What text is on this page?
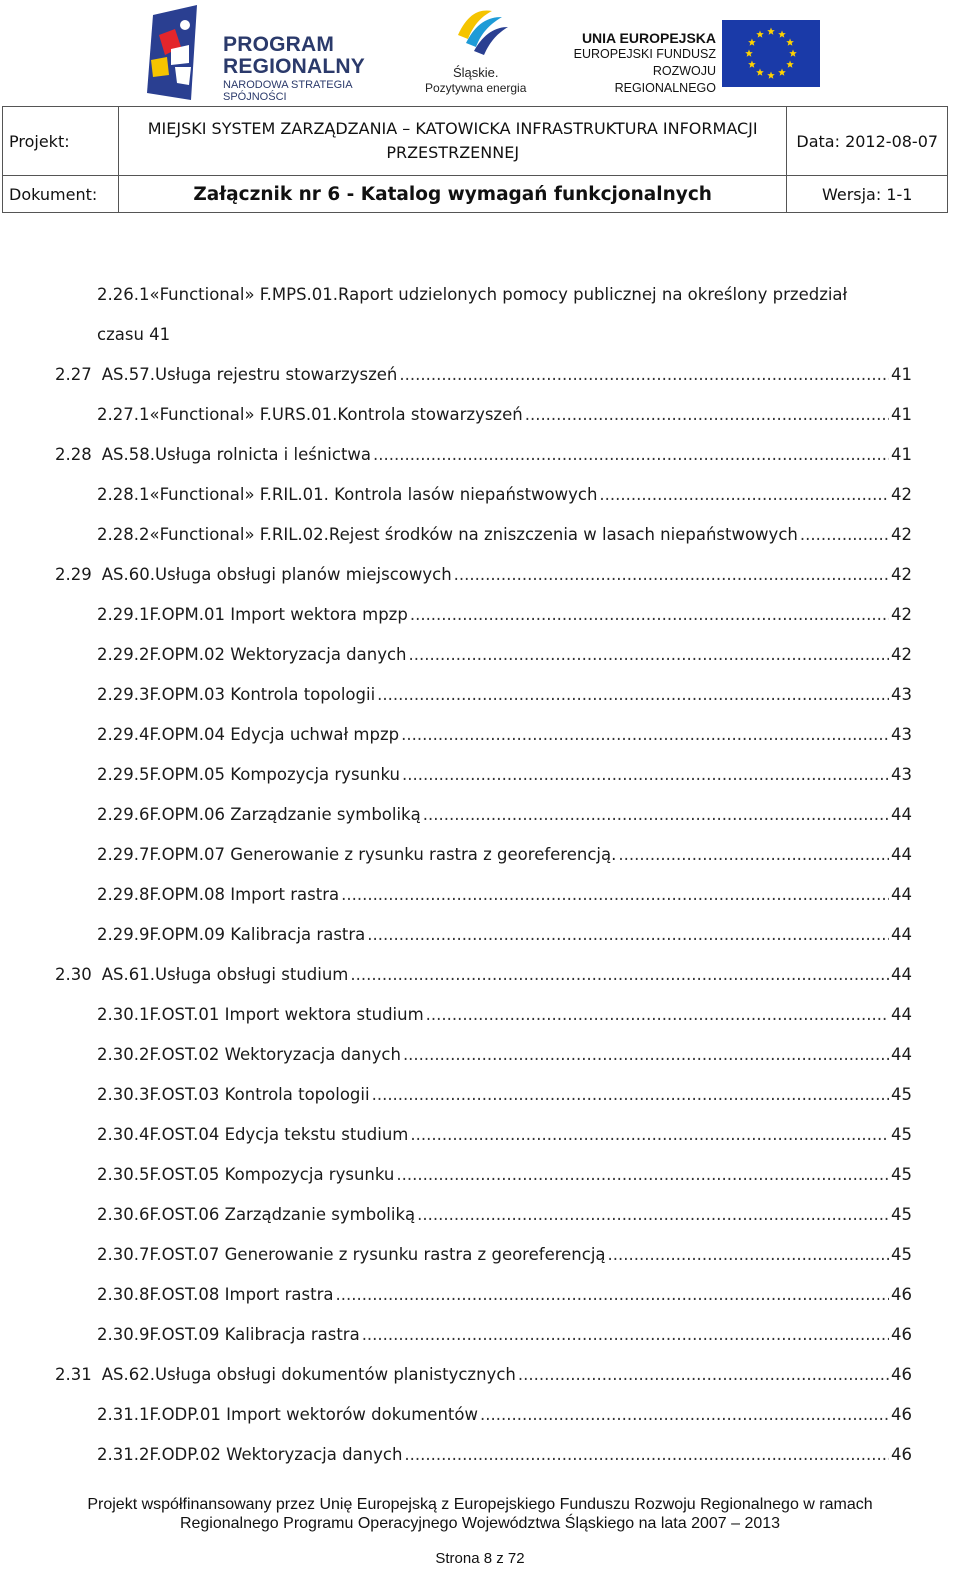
PROGRAM
REGIONALNY
NARODOWA STRATEGIA SPÓJNOŚCI
Śląskie.
Pozytywna energia
UNIA EUROPEJSKA
EUROPEJSKI FUNDUSZ
ROZWOJU REGIONALNEGO
Projekt:	MIEJSKI SYSTEM ZARZĄDZANIA – KATOWICKA INFRASTRUKTURA INFORMACJI
PRZESTRZENNEJ	Data: 2012-08-07
Dokument:	Załącznik nr 6 - Katalog wymagań funkcjonalnych	Wersja: 1-1
2.26.1«Functional» F.MPS.01.Raport udzielonych pomocy publicznej na określony przedział
czasu 41
2.27 AS.57.Usługa rejestru stowarzyszeń .....	41
2.27.1 «Functional» F.URS.01.Kontrola stowarzyszeń .....	41
2.28 AS.58.Usługa rolnicta i leśnictwa .....	41
2.28.1 «Functional» F.RIL.01. Kontrola lasów niepaństwowych .....	42
2.28.2 «Functional» F.RIL.02.Rejest środków na zniszczenia w lasach niepaństwowych .....	42
2.29 AS.60.Usługa obsługi planów miejscowych .....	42
2.29.1 F.OPM.01 Import wektora mpzp .....	42
2.29.2 F.OPM.02 Wektoryzacja danych .....	42
2.29.3 F.OPM.03 Kontrola topologii .....	43
2.29.4 F.OPM.04 Edycja uchwał mpzp .....	43
2.29.5 F.OPM.05 Kompozycja rysunku .....	43
2.29.6 F.OPM.06 Zarządzanie symboliką .....	44
2.29.7 F.OPM.07 Generowanie z rysunku rastra z georeferencją. .....	44
2.29.8 F.OPM.08 Import rastra .....	44
2.29.9 F.OPM.09 Kalibracja rastra .....	44
2.30 AS.61.Usługa obsługi studium .....	44
2.30.1 F.OST.01 Import wektora studium .....	44
2.30.2 F.OST.02 Wektoryzacja danych .....	44
2.30.3 F.OST.03 Kontrola topologii .....	45
2.30.4 F.OST.04 Edycja tekstu studium .....	45
2.30.5 F.OST.05 Kompozycja rysunku .....	45
2.30.6 F.OST.06 Zarządzanie symboliką .....	45
2.30.7 F.OST.07 Generowanie z rysunku rastra z georeferencją .....	45
2.30.8 F.OST.08 Import rastra .....	46
2.30.9 F.OST.09 Kalibracja rastra .....	46
2.31 AS.62.Usługa obsługi dokumentów planistycznych .....	46
2.31.1 F.ODP.01 Import wektorów dokumentów .....	46
2.31.2 F.ODP.02 Wektoryzacja danych .....	46
Projekt współfinansowany przez Unię Europejską z Europejskiego Funduszu Rozwoju Regionalnego w ramach
Regionalnego Programu Operacyjnego Województwa Śląskiego na lata 2007 – 2013
Strona 8 z 72
